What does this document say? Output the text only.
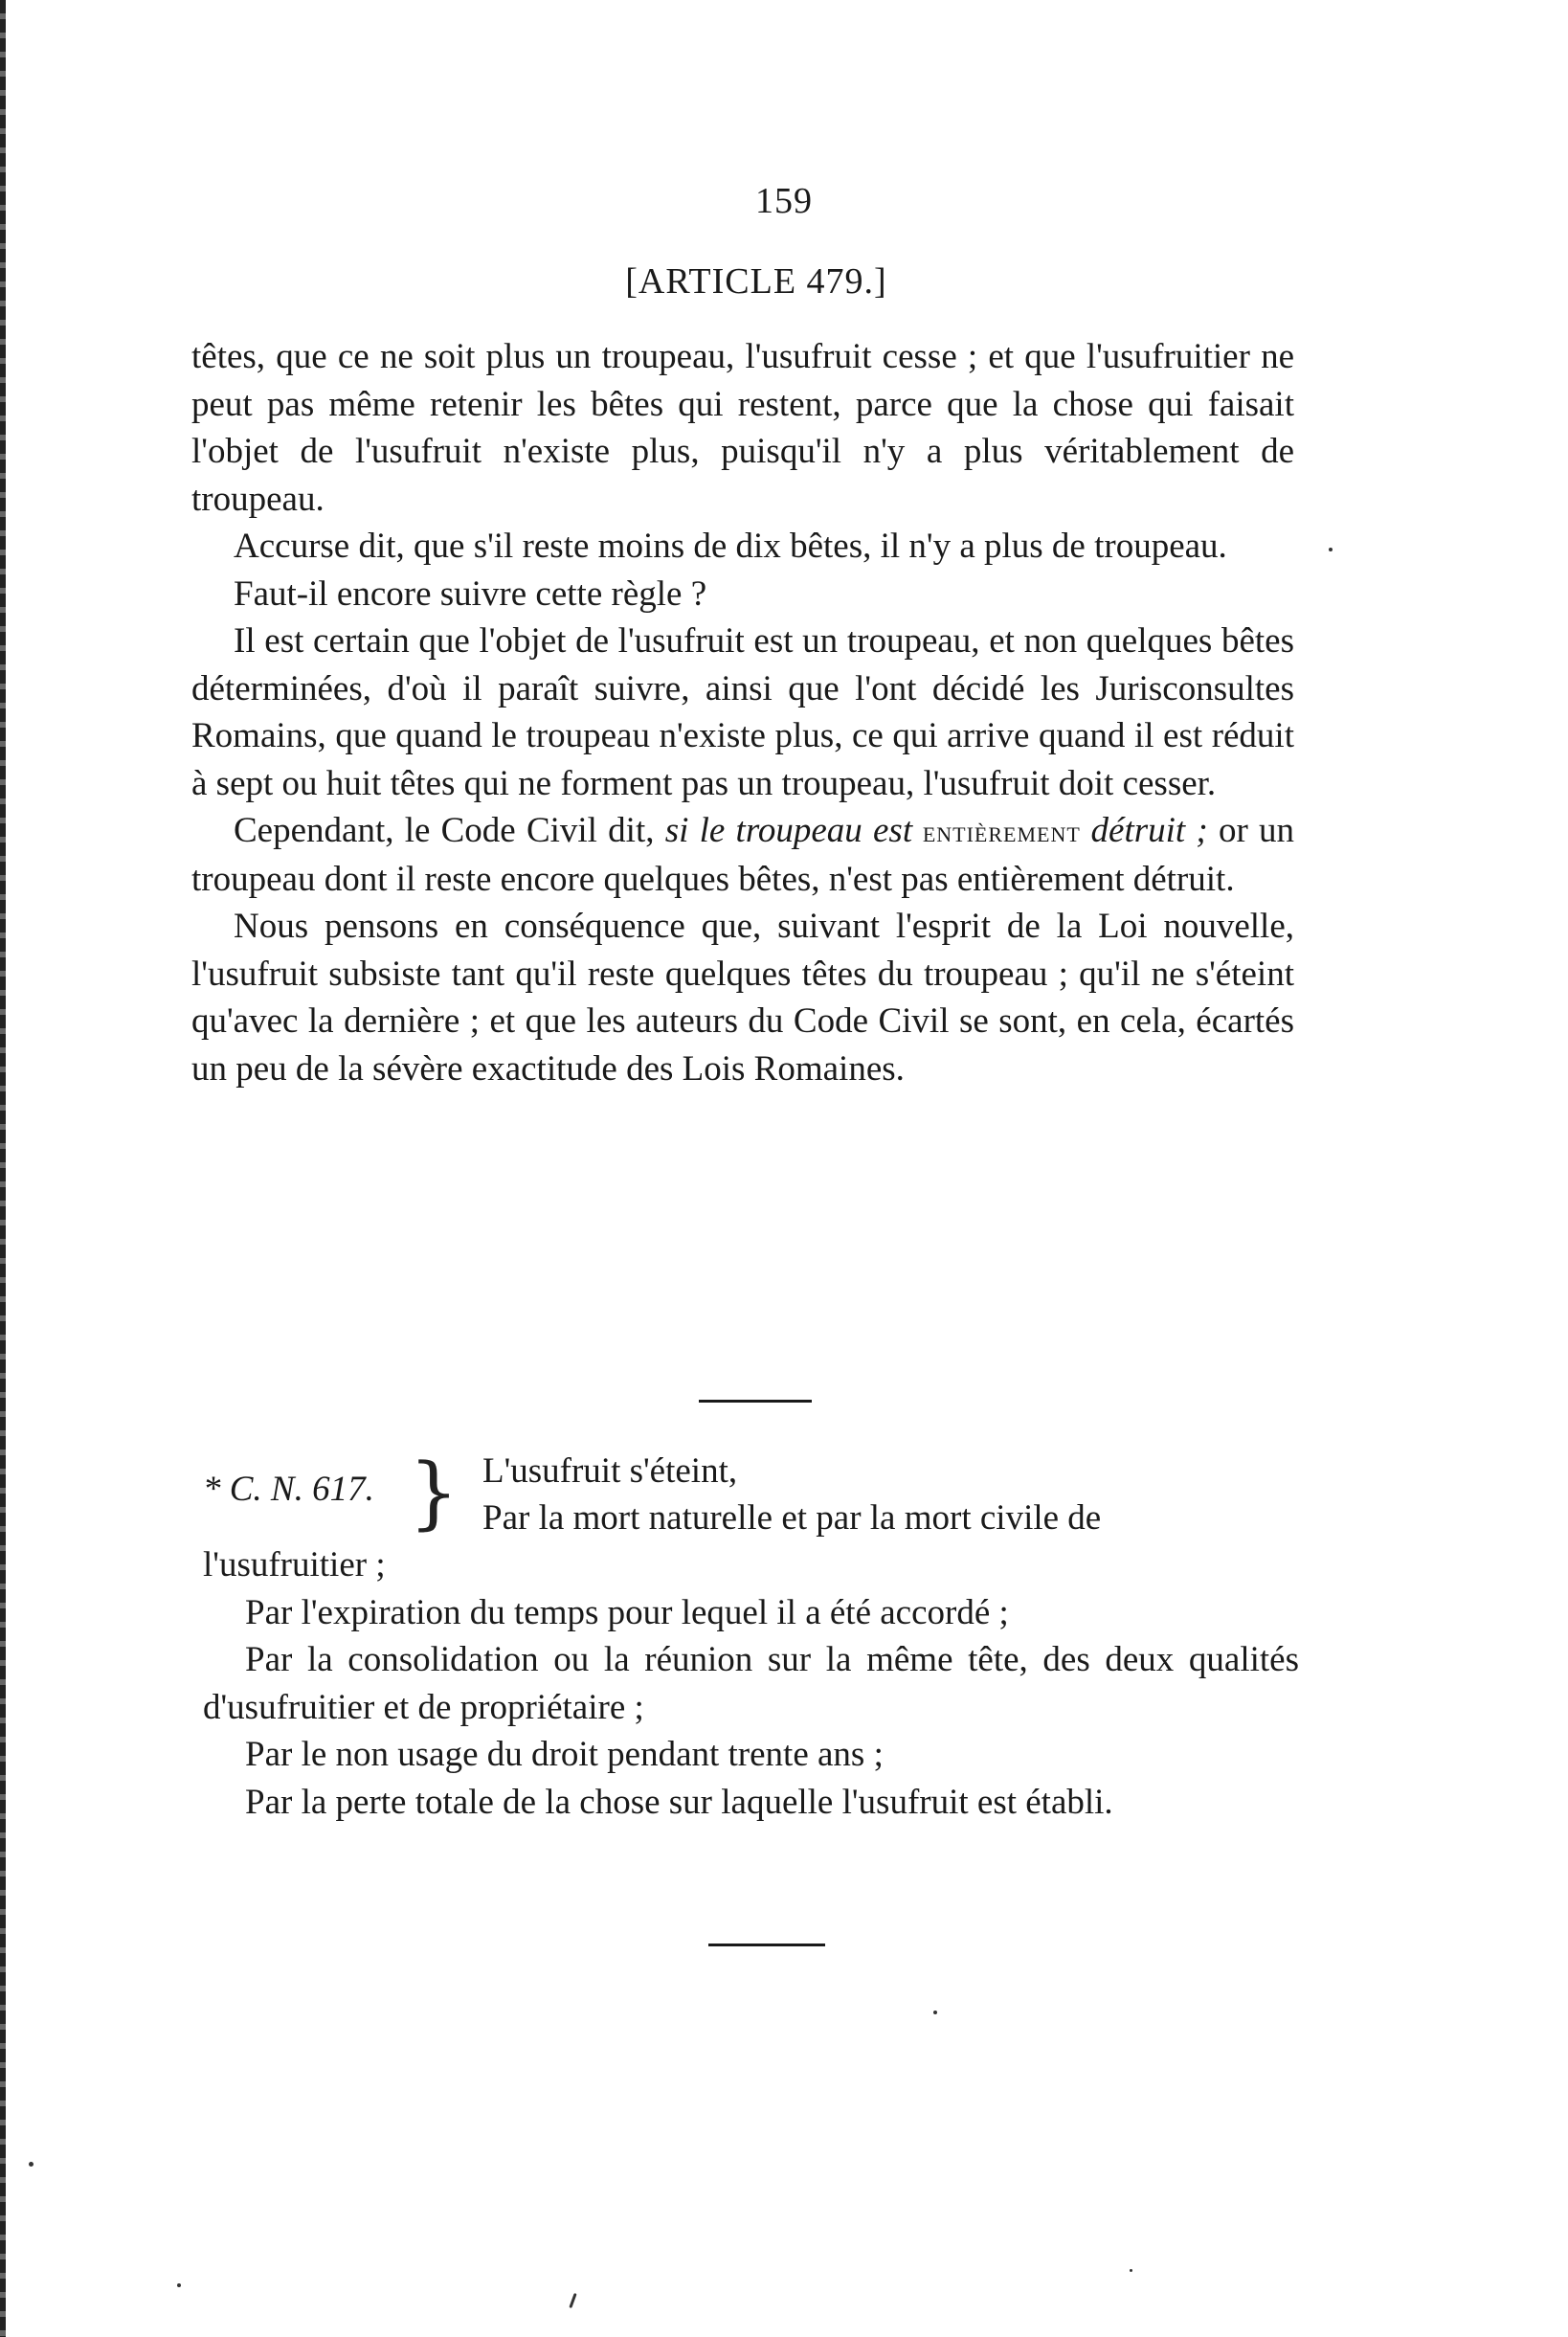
159
[ARTICLE 479.]

têtes, que ce ne soit plus un troupeau, l'usufruit cesse ; et que l'usufruitier ne peut pas même retenir les bêtes qui restent, parce que la chose qui faisait l'objet de l'usufruit n'existe plus, puisqu'il n'y a plus véritablement de troupeau.

Accurse dit, que s'il reste moins de dix bêtes, il n'y a plus de troupeau.

Faut-il encore suivre cette règle ?

Il est certain que l'objet de l'usufruit est un troupeau, et non quelques bêtes déterminées, d'où il paraît suivre, ainsi que l'ont décidé les Jurisconsultes Romains, que quand le troupeau n'existe plus, ce qui arrive quand il est réduit à sept ou huit têtes qui ne forment pas un troupeau, l'usufruit doit cesser.

Cependant, le Code Civil dit, si le troupeau est entièrement détruit ; or un troupeau dont il reste encore quelques bêtes, n'est pas entièrement détruit.

Nous pensons en conséquence que, suivant l'esprit de la Loi nouvelle, l'usufruit subsiste tant qu'il reste quelques têtes du troupeau ; qu'il ne s'éteint qu'avec la dernière ; et que les auteurs du Code Civil se sont, en cela, écartés un peu de la sévère exactitude des Lois Romaines.

* C. N. 617. } L'usufruit s'éteint,
Par la mort naturelle et par la mort civile de

l'usufruitier ;

Par l'expiration du temps pour lequel il a été accordé ;

Par la consolidation ou la réunion sur la même tête, des deux qualités d'usufruitier et de propriétaire ;

Par le non usage du droit pendant trente ans ;

Par la perte totale de la chose sur laquelle l'usufruit est établi.
